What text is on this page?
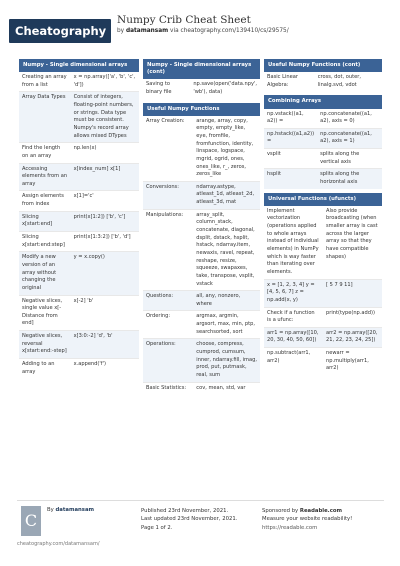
Cheatography
Numpy Crib Cheat Sheet
by datamansam via cheatography.com/139410/cs/29575/
Numpy - Single dimensional arrays
Creating an array from a list	x = np.array(['a', 'b', 'c', 'd'])
Array Data Types	Consist of integers, floating-point numbers, or strings. Data type must be consistent. Numpy's record array allows mixed DTypes
Find the length on an array	np.len(x)
Accessing elements from an array	x[index_num] x[1]
Assign elements from index	x[1]='c'
Slicing x[start:end]	print(x[1:2]) ['b', 'c']
Slicing x[start:end:step]	print(x[1:3:2]) ['b', 'd']
Modify a new version of an array without changing the original	y = x.copy()
Negative slices, single value x[-Distance from end]	x[-2] 'b'
Negative slices, reversal x[start:end:-step]	x[3:0:-2] 'd', 'b'
Adding to an array	x.append('f')
Numpy - Single dimensional arrays (cont)
Saving to binary file	np.save(open('data.npy', 'wb'), data)
Useful Numpy Functions
Array Creation:	arange, array, copy, empty, empty_like, eye, fromfile, fromfunction, identity, linspace, logspace, mgrid, ogrid, ones, ones_like, r_, zeros, zeros_like
Conversions:	ndarray.astype, atleast_1d, atleast_2d, atleast_3d, mat
Manipulations:	array_split, column_stack, concatenate, diagonal, dsplit, dstack, hsplit, hstack, ndarray.item, newaxis, ravel, repeat, reshape, resize, squeeze, swapaxes, take, transpose, vsplit, vstack
Questions:	all, any, nonzero, where
Ordering:	argmax, argmin, argsort, max, min, ptp, searchsorted, sort
Operations:	choose, compress, cumprod, cumsum, inner, ndarray.fill, imag, prod, put, putmask, real, sum
Basic Statistics:	cov, mean, std, var
Useful Numpy Functions (cont)
Basic Linear Algebra:	cross, dot, outer, linalg.svd, vdot
Combining Arrays
np.vstack((a1, a2)) =	np.concatenate((a1, a2), axis = 0)
np.hstack((a1,a2)) =	np.concatenate((a1, a2), axis = 1)
vsplit	splits along the vertical axis
hsplit	splits along the horizontal axis
Universal Functions (ufuncts)
Implement vectorization (operations applied to whole arrays instead of individual elements) in NumPy which is way faster than iterating over elements.	Also provide broadcasting (when smaller array is cast across the larger array so that they have compatible shapes)
x = [1, 2, 3, 4] y = [4, 5, 6, 7] z = np.add(x, y)	[ 5 7 9 11]
Check if a function is a ufunc:	print(type(np.add))
arr1 = np.array([10, 20, 30, 40, 50, 60])	arr2 = np.array([20, 21, 22, 23, 24, 25])
np.subtract(arr1, arr2)	newarr = np.multiply(arr1, arr2)
C
By datamansam	Published 23rd November, 2021.
Last updated 23rd November, 2021.
Page 1 of 2.
Sponsored by Readable.com
Measure your website readability!
https://readable.com
cheatography.com/datamansam/
